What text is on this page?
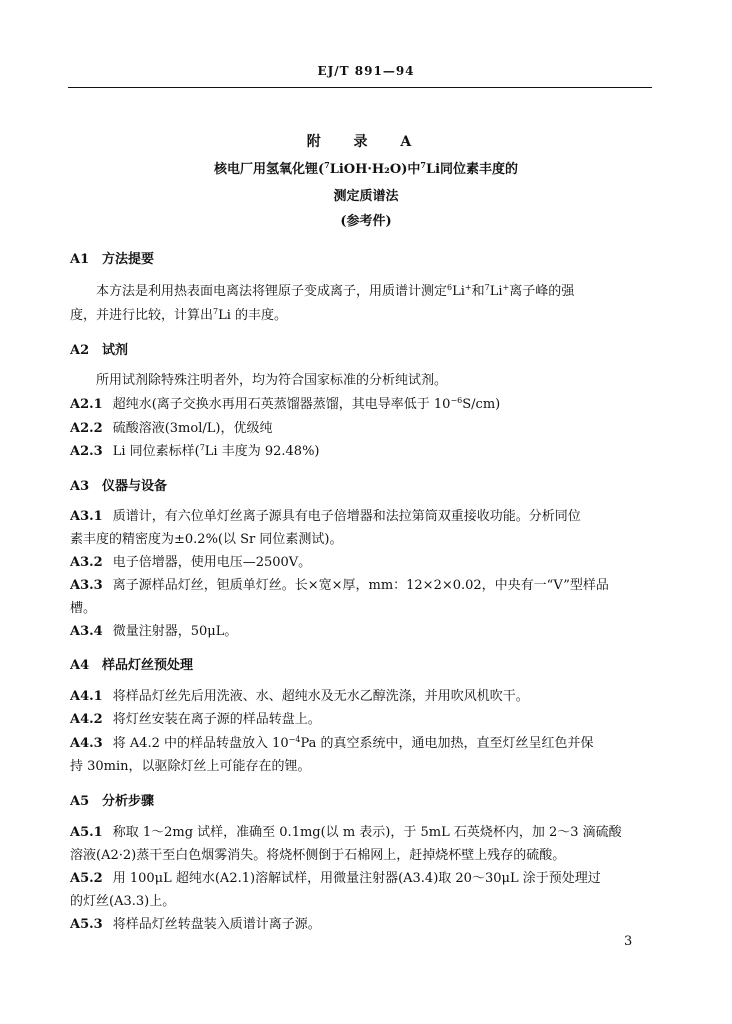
EJ/T 891—94
附 录 A
核电厂用氢氧化锂($^7$LiOH·H₂O)中$^7$Li同位素丰度的
测定质谱法
(参考件)
A1 方法提要
本方法是利用热表面电离法将锂原子变成离子，用质谱计测定$^6$Li+和$^7$Li+离子峰的强
度，并进行比较，计算出$^7$Li 的丰度。
A2 试剂
所用试剂除特殊注明者外，均为符合国家标准的分析纯试剂。
A2.1 超纯水(离子交换水再用石英蒸馏器蒸馏，其电导率低于 $10^{-6}S/cm$)
A2.2 硫酸溶液(3mol/L)，优级纯
A2.3 Li 同位素标样($^7$Li 丰度为 92.48%)
A3 仪器与设备
A3.1 质谱计，有六位单灯丝离子源具有电子倍增器和法拉第筒双重接收功能。分析同位
素丰度的精密度为±0.2%(以 Sr 同位素测试)。
A3.2 电子倍增器，使用电压—2500V。
A3.3 离子源样品灯丝，钽质单灯丝。长×宽×厚，mm：12×2×0.02，中央有一“V”型样品
槽。
A3.4 微量注射器，50μL。
A4 样品灯丝预处理
A4.1 将样品灯丝先后用洗液、水、超纯水及无水乙醇洗涤，并用吹风机吹干。
A4.2 将灯丝安装在离子源的样品转盘上。
A4.3 将 A4.2 中的样品转盘放入 $10^{-4}Pa$ 的真空系统中，通电加热，直至灯丝呈红色并保
持 30min，以驱除灯丝上可能存在的锂。
A5 分析步骤
A5.1 称取 1～2mg 试样，准确至 0.1mg(以 m 表示)，于 5mL 石英烧杯内，加 2～3 滴硫酸
溶液(A2·2)蒸干至白色烟雾消失。将烧杯侧倒于石棉网上，赶掉烧杯壁上残存的硫酸。
A5.2 用 100μL 超纯水(A2.1)溶解试样，用微量注射器(A3.4)取 20～30μL 涂于预处理过
的灯丝(A3.3)上。
A5.3 将样品灯丝转盘装入质谱计离子源。
3
